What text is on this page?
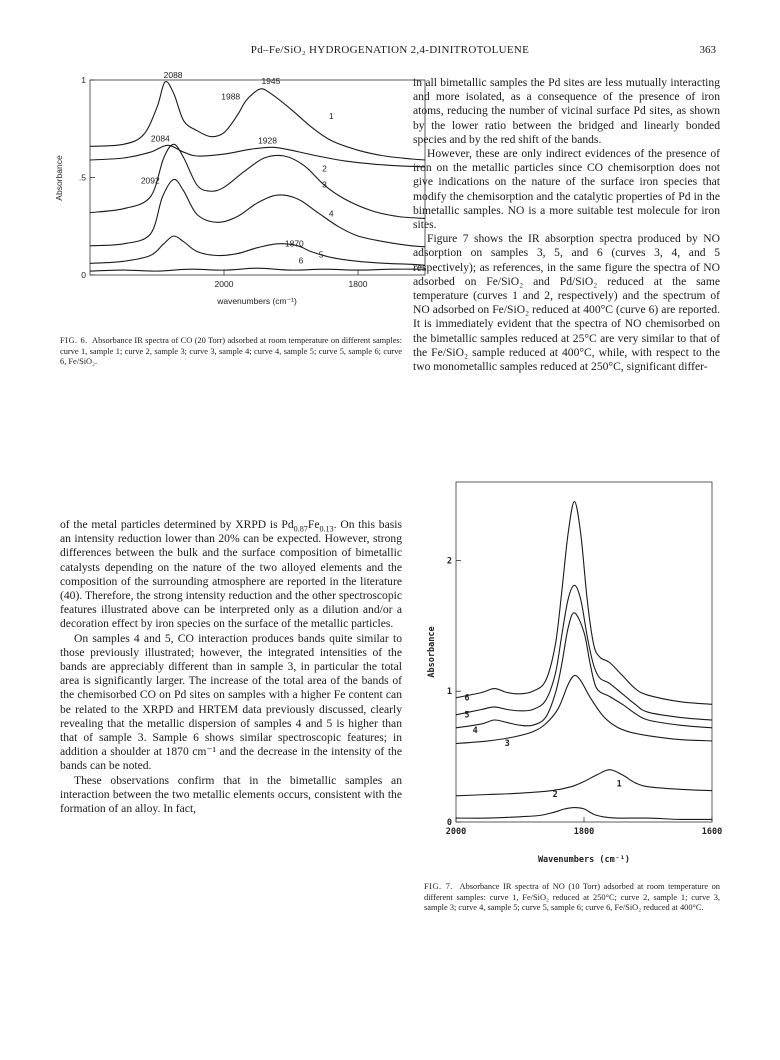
Pd–Fe/SiO₂ HYDROGENATION 2,4-DINITROTOLUENE	363
2000	1800
0
.5
1
1
2
3
4
5
6
Absorbance
wavenumbers (cm⁻¹)
2088
1945
1988
2084	1928
2092
1870
FIG. 6. Absorbance IR spectra of CO (20 Torr) adsorbed at room temperature on different samples: curve 1, sample 1; curve 2, sample 3; curve 3, sample 4; curve 4, sample 5; curve 5, sample 6; curve 6, Fe/SiO₂.

of the metal particles determined by XRPD is $Pd_{0.87}Fe_{0.13}$. On this basis an intensity reduction lower than 20% can be expected. However, strong differences between the bulk and the surface composition of bimetallic catalysts depending on the nature of the two alloyed elements and the composition of the surrounding atmosphere are reported in the literature (40). Therefore, the strong intensity reduction and the other spectroscopic features illustrated above can be interpreted only as a dilution and/or a decoration effect by iron species on the surface of the metallic particles.

On samples 4 and 5, CO interaction produces bands quite similar to those previously illustrated; however, the integrated intensities of the bands are appreciably different than in sample 3, in particular the total area is significantly larger. The increase of the total area of the bands of the chemisorbed CO on Pd sites on samples with a higher Fe content can be related to the XRPD and HRTEM data previously discussed, clearly revealing that the metallic dispersion of samples 4 and 5 is higher than that of sample 3. Sample 6 shows similar spectroscopic features; in addition a shoulder at 1870 cm⁻¹ and the decrease in the intensity of the bands can be noted.

These observations confirm that in the bimetallic samples an interaction between the two metallic elements occurs, consistent with the formation of an alloy. In fact,

in all bimetallic samples the Pd sites are less mutually interacting and more isolated, as a consequence of the presence of iron atoms, reducing the number of vicinal surface Pd sites, as shown by the lower ratio between the bridged and linearly bonded species and by the red shift of the bands.

However, these are only indirect evidences of the presence of iron on the metallic particles since CO chemisorption does not give indications on the nature of the surface iron species that modify the chemisorption and the catalytic properties of Pd in the bimetallic samples. NO is a more suitable test molecule for iron sites.

Figure 7 shows the IR absorption spectra produced by NO adsorption on samples 3, 5, and 6 (curves 3, 4, and 5 respectively); as references, in the same figure the spectra of NO adsorbed on Fe/SiO₂ and Pd/SiO₂ reduced at the same temperature (curves 1 and 2, respectively) and the spectrum of NO adsorbed on Fe/SiO₂ reduced at 400°C (curve 6) are reported. It is immediately evident that the spectra of NO chemisorbed on the bimetallic samples reduced at 25°C are very similar to that of the Fe/SiO₂ sample reduced at 400°C, while, with respect to the two monometallic samples reduced at 250°C, significant differ-

2000	1800	1600
0
1
2
1
2
3
4
5
6
Absorbance
Wavenumbers (cm⁻¹)
FIG. 7. Absorbance IR spectra of NO (10 Torr) adsorbed at room temperature on different samples: curve 1, Fe/SiO₂ reduced at 250°C; curve 2, sample 1; curve 3, sample 3; curve 4, sample 5; curve 5, sample 6; curve 6, Fe/SiO₂ reduced at 400°C.
